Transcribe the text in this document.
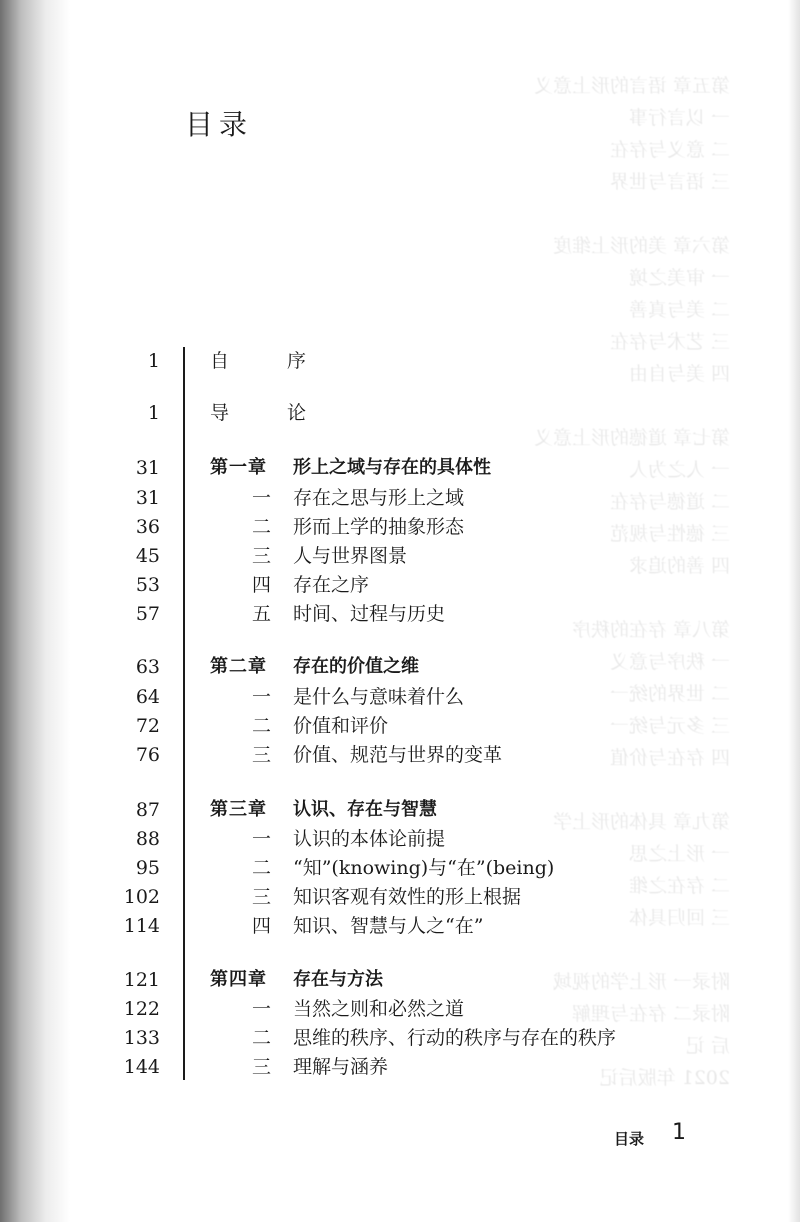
第五章 语言的形上意义
一 以言行事
二 意义与存在
三 语言与世界

第六章 美的形上维度
一 审美之境
二 美与真善
三 艺术与存在
四 美与自由

第七章 道德的形上意义
一 人之为人
二 道德与存在
三 德性与规范
四 善的追求

第八章 存在的秩序
一 秩序与意义
二 世界的统一
三 多元与统一
四 存在与价值

第九章 具体的形上学
一 形上之思
二 存在之维
三 回归具体

附录一 形上学的视域
附录二 存在与理解
后 记
2021 年版后记
目录
1	自 序
1	导 论
31	第一章 形上之域与存在的具体性
31	一 存在之思与形上之域
36	二 形而上学的抽象形态
45	三 人与世界图景
53	四 存在之序
57	五 时间、过程与历史
63	第二章 存在的价值之维
64	一 是什么与意味着什么
72	二 价值和评价
76	三 价值、规范与世界的变革
87	第三章 认识、存在与智慧
88	一 认识的本体论前提
95	二 “知”(knowing)与“在”(being)
102	三 知识客观有效性的形上根据
114	四 知识、智慧与人之“在”
121	第四章 存在与方法
122	一 当然之则和必然之道
133	二 思维的秩序、行动的秩序与存在的秩序
144	三 理解与涵养
目录 1
